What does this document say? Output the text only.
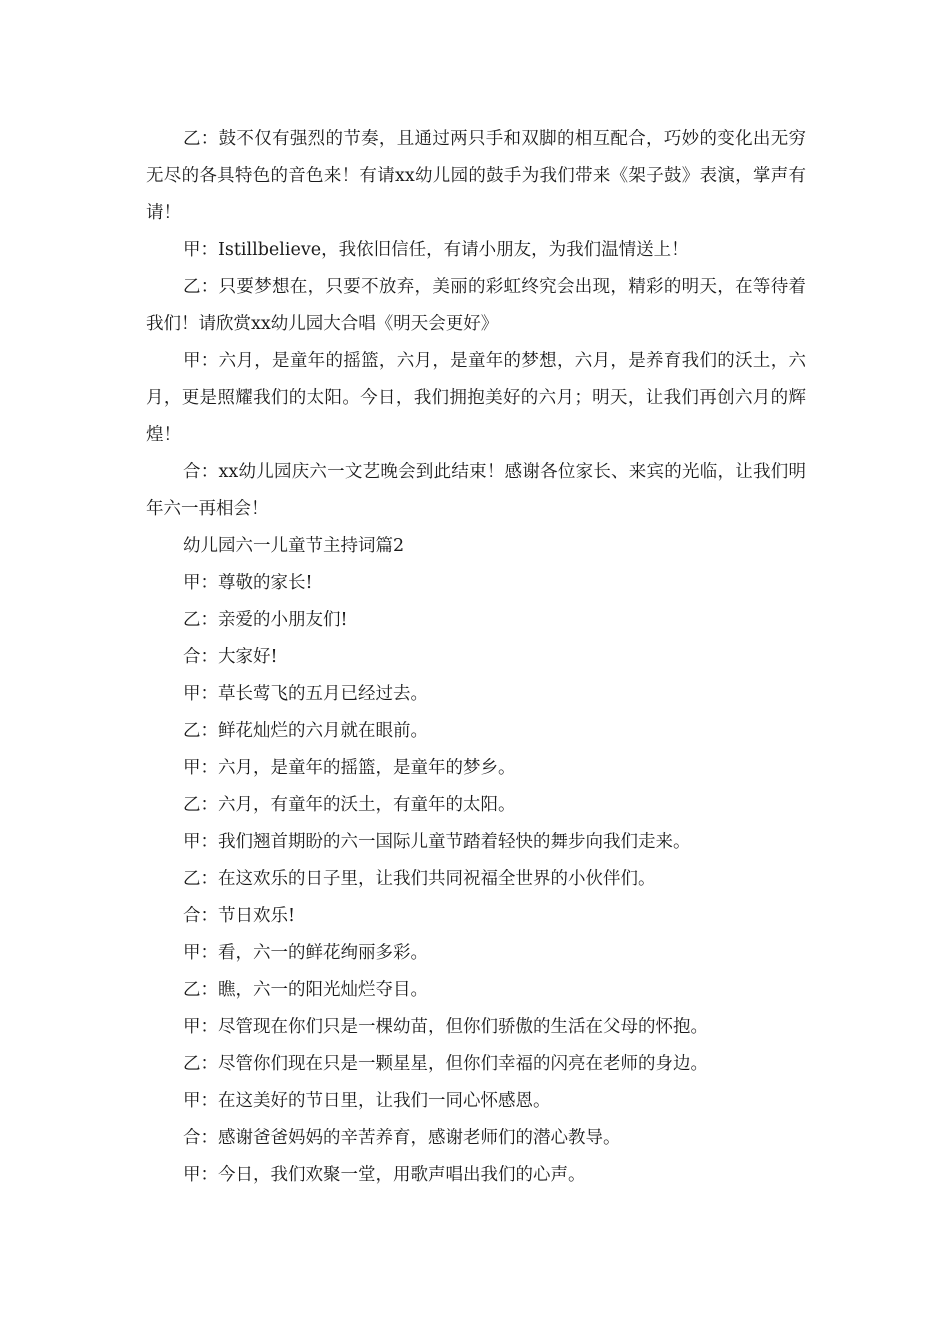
乙：鼓不仅有强烈的节奏，且通过两只手和双脚的相互配合，巧妙的变化出无穷无尽的各具特色的音色来！有请xx幼儿园的鼓手为我们带来《架子鼓》表演，掌声有请！

甲：Istillbelieve，我依旧信任，有请小朋友，为我们温情送上！

乙：只要梦想在，只要不放弃，美丽的彩虹终究会出现，精彩的明天，在等待着我们！请欣赏xx幼儿园大合唱《明天会更好》

甲：六月，是童年的摇篮，六月，是童年的梦想，六月，是养育我们的沃土，六月，更是照耀我们的太阳。今日，我们拥抱美好的六月；明天，让我们再创六月的辉煌！

合：xx幼儿园庆六一文艺晚会到此结束！感谢各位家长、来宾的光临，让我们明年六一再相会！

幼儿园六一儿童节主持词篇2

甲：尊敬的家长!

乙：亲爱的小朋友们!

合：大家好!

甲：草长莺飞的五月已经过去。

乙：鲜花灿烂的六月就在眼前。

甲：六月，是童年的摇篮，是童年的梦乡。

乙：六月，有童年的沃土，有童年的太阳。

甲：我们翘首期盼的六一国际儿童节踏着轻快的舞步向我们走来。

乙：在这欢乐的日子里，让我们共同祝福全世界的小伙伴们。

合：节日欢乐!

甲：看，六一的鲜花绚丽多彩。

乙：瞧，六一的阳光灿烂夺目。

甲：尽管现在你们只是一棵幼苗，但你们骄傲的生活在父母的怀抱。

乙：尽管你们现在只是一颗星星，但你们幸福的闪亮在老师的身边。

甲：在这美好的节日里，让我们一同心怀感恩。

合：感谢爸爸妈妈的辛苦养育，感谢老师们的潜心教导。

甲：今日，我们欢聚一堂，用歌声唱出我们的心声。
